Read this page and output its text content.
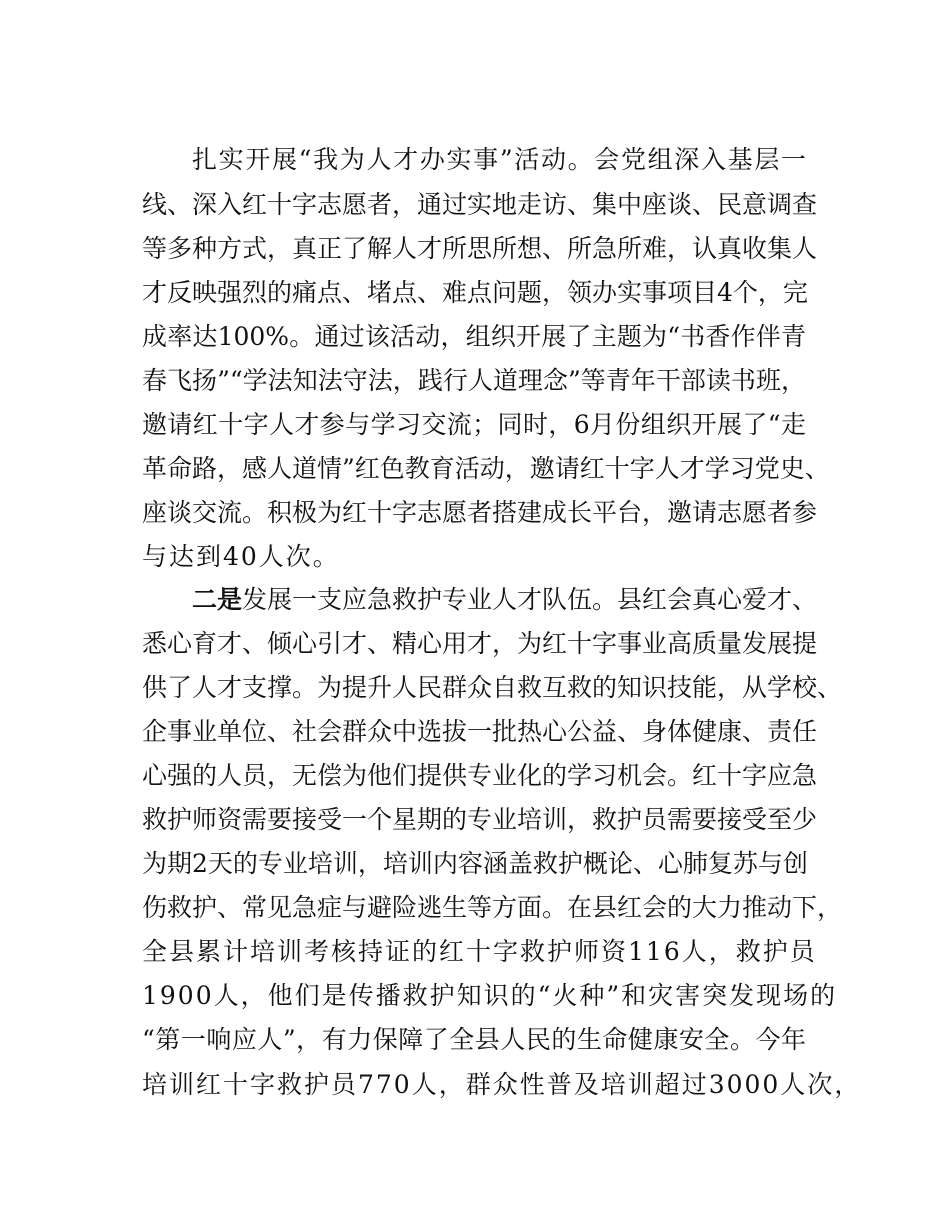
扎实开展“我为人才办实事”活动。会党组深入基层一
线、深入红十字志愿者，通过实地走访、集中座谈、民意调查
等多种方式，真正了解人才所思所想、所急所难，认真收集人
才反映强烈的痛点、堵点、难点问题，领办实事项目4个，完
成率达100%。通过该活动，组织开展了主题为“书香作伴青
春飞扬”“学法知法守法，践行人道理念”等青年干部读书班，
邀请红十字人才参与学习交流；同时，6月份组织开展了“走
革命路，感人道情”红色教育活动，邀请红十字人才学习党史、
座谈交流。积极为红十字志愿者搭建成长平台，邀请志愿者参
与达到40人次。
二是发展一支应急救护专业人才队伍。县红会真心爱才、
悉心育才、倾心引才、精心用才，为红十字事业高质量发展提
供了人才支撑。为提升人民群众自救互救的知识技能，从学校、
企事业单位、社会群众中选拔一批热心公益、身体健康、责任
心强的人员，无偿为他们提供专业化的学习机会。红十字应急
救护师资需要接受一个星期的专业培训，救护员需要接受至少
为期2天的专业培训，培训内容涵盖救护概论、心肺复苏与创
伤救护、常见急症与避险逃生等方面。在县红会的大力推动下，
全县累计培训考核持证的红十字救护师资116人，救护员
1900人，他们是传播救护知识的“火种”和灾害突发现场的
“第一响应人”，有力保障了全县人民的生命健康安全。今年
培训红十字救护员770人，群众性普及培训超过3000人次，
